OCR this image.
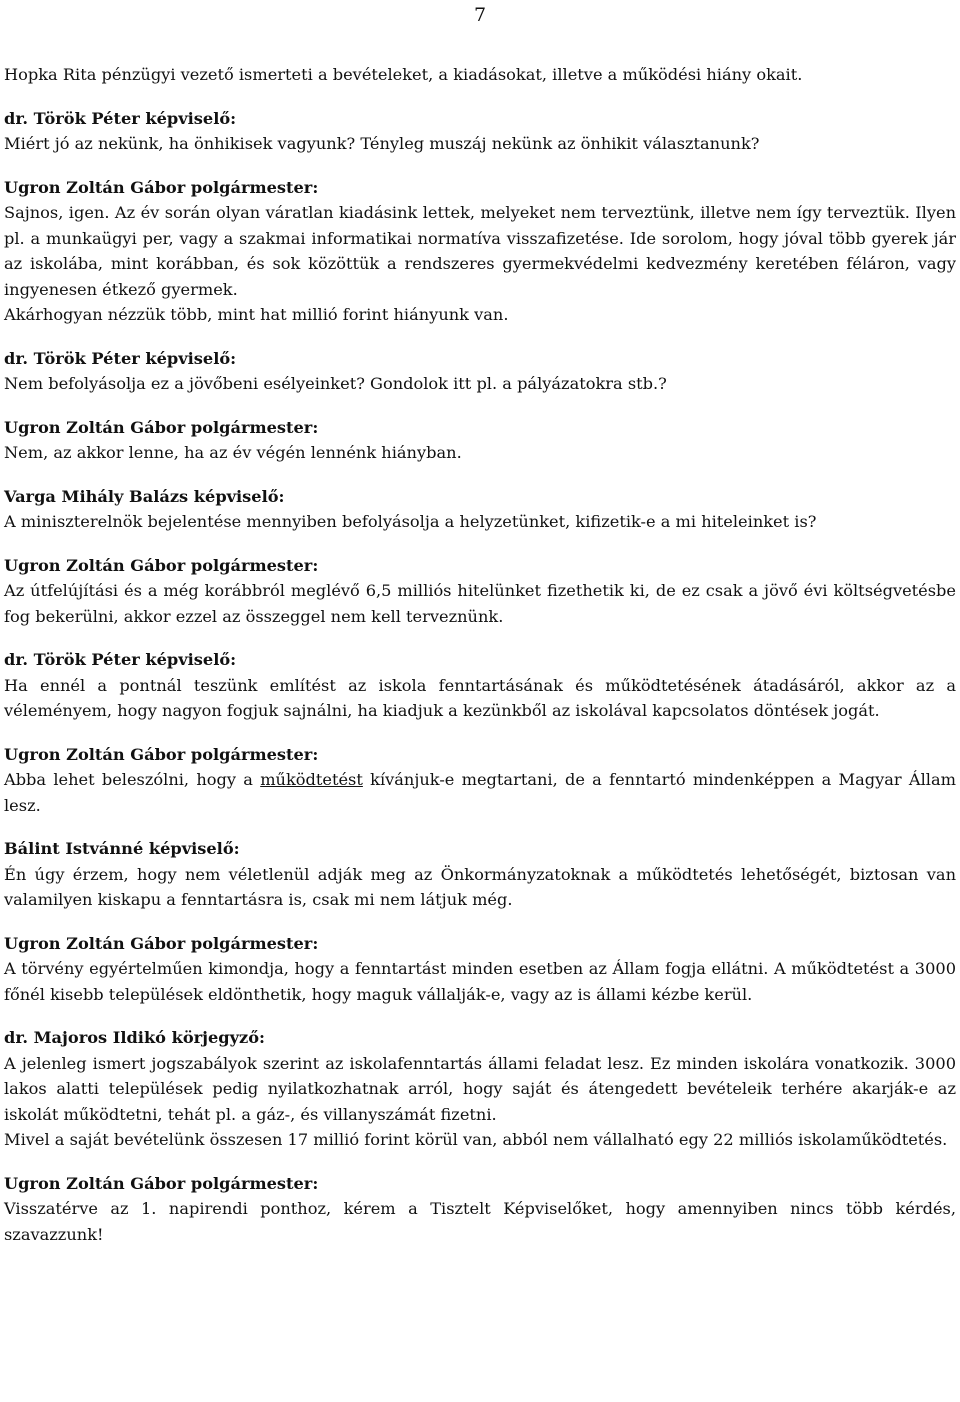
7

Hopka Rita pénzügyi vezető ismerteti a bevételeket, a kiadásokat, illetve a működési hiány okait.

dr. Török Péter képviselő:

Miért jó az nekünk, ha önhikisek vagyunk? Tényleg muszáj nekünk az önhikit választanunk?

Ugron Zoltán Gábor polgármester:

Sajnos, igen. Az év során olyan váratlan kiadásink lettek, melyeket nem terveztünk, illetve nem így terveztük. Ilyen pl. a munkaügyi per, vagy a szakmai informatikai normatíva visszafizetése. Ide sorolom, hogy jóval több gyerek jár az iskolába, mint korábban, és sok közöttük a rendszeres gyermekvédelmi kedvezmény keretében féláron, vagy ingyenesen étkező gyermek.

Akárhogyan nézzük több, mint hat millió forint hiányunk van.

dr. Török Péter képviselő:

Nem befolyásolja ez a jövőbeni esélyeinket? Gondolok itt pl. a pályázatokra stb.?

Ugron Zoltán Gábor polgármester:

Nem, az akkor lenne, ha az év végén lennénk hiányban.

Varga Mihály Balázs képviselő:

A miniszterelnök bejelentése mennyiben befolyásolja a helyzetünket, kifizetik-e a mi hiteleinket is?

Ugron Zoltán Gábor polgármester:

Az útfelújítási és a még korábbról meglévő 6,5 milliós hitelünket fizethetik ki, de ez csak a jövő évi költségvetésbe fog bekerülni, akkor ezzel az összeggel nem kell terveznünk.

dr. Török Péter képviselő:

Ha ennél a pontnál teszünk említést az iskola fenntartásának és működtetésének átadásáról, akkor az a véleményem, hogy nagyon fogjuk sajnálni, ha kiadjuk a kezünkből az iskolával kapcsolatos döntések jogát.

Ugron Zoltán Gábor polgármester:

Abba lehet beleszólni, hogy a működtetést kívánjuk-e megtartani, de a fenntartó mindenképpen a Magyar Állam lesz.

Bálint Istvánné képviselő:

Én úgy érzem, hogy nem véletlenül adják meg az Önkormányzatoknak a működtetés lehetőségét, biztosan van valamilyen kiskapu a fenntartásra is, csak mi nem látjuk még.

Ugron Zoltán Gábor polgármester:

A törvény egyértelműen kimondja, hogy a fenntartást minden esetben az Állam fogja ellátni. A működtetést a 3000 főnél kisebb települések eldönthetik, hogy maguk vállalják-e, vagy az is állami kézbe kerül.

dr. Majoros Ildikó körjegyző:

A jelenleg ismert jogszabályok szerint az iskolafenntartás állami feladat lesz. Ez minden iskolára vonatkozik. 3000 lakos alatti települések pedig nyilatkozhatnak arról, hogy saját és átengedett bevételeik terhére akarják-e az iskolát működtetni, tehát pl. a gáz-, és villanyszámát fizetni.

Mivel a saját bevételünk összesen 17 millió forint körül van, abból nem vállalható egy 22 milliós iskolaműködtetés.

Ugron Zoltán Gábor polgármester:

Visszatérve az 1. napirendi ponthoz, kérem a Tisztelt Képviselőket, hogy amennyiben nincs több kérdés, szavazzunk!
